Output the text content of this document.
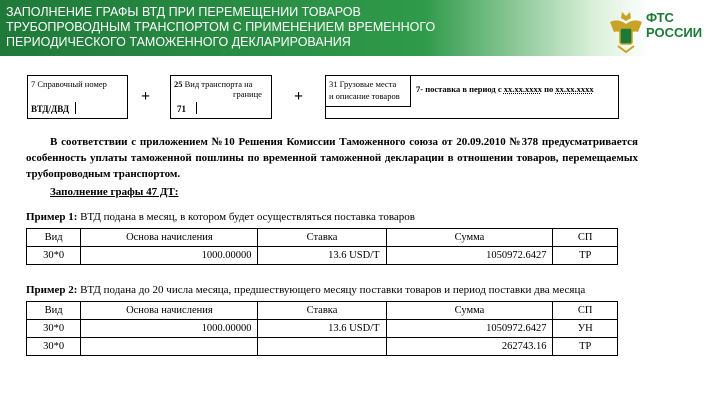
ЗАПОЛНЕНИЕ ГРАФЫ ВТД ПРИ ПЕРЕМЕЩЕНИИ ТОВАРОВ
ТРУБОПРОВОДНЫМ ТРАНСПОРТОМ С ПРИМЕНЕНИЕМ ВРЕМЕННОГО
ПЕРИОДИЧЕСКОГО ТАМОЖЕННОГО ДЕКЛАРИРОВАНИЯ
ФТС
РОССИИ
7 Справочный номер
ВТД/ДВД
+
25 Вид транспорта на
границе
71
+
31 Грузовые места
и описание товаров
7- поставка в период с хх.хх.хххх по хх.хх.хххх
В соответствии с приложением №10 Решения Комиссии Таможенного союза от 20.09.2010 №378 предусматривается особенность уплаты таможенной пошлины по временной таможенной декларации в отношении товаров, перемещаемых трубопроводным транспортом.
Заполнение графы 47 ДТ:
Пример 1: ВТД подана в месяц, в котором будет осуществляться поставка товаров
Вид	Основа начисления	Ставка	Сумма	СП
30*0	1000.00000	13.6 USD/T	1050972.6427	ТР
Пример 2: ВТД подана до 20 числа месяца, предшествующего месяцу поставки товаров и период поставки два месяца
Вид	Основа начисления	Ставка	Сумма	СП
30*0	1000.00000	13.6 USD/T	1050972.6427	УН
30*0			262743.16	ТР
